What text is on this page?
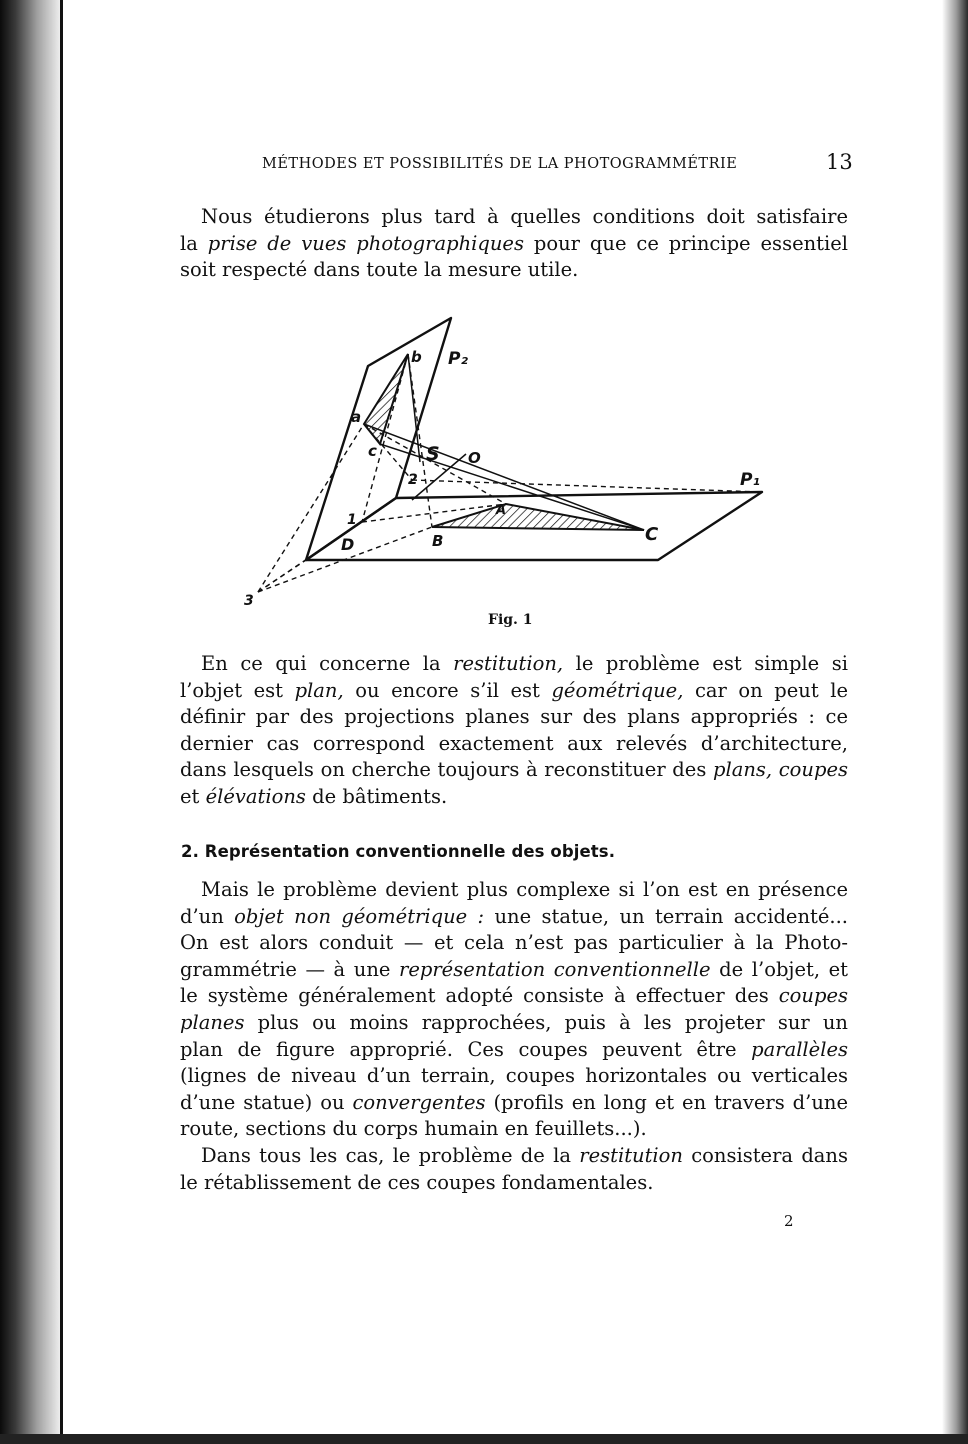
MÉTHODES ET POSSIBILITÉS DE LA PHOTOGRAMMÉTRIE	13
Nous étudierons plus tard à quelles conditions doit satisfaire
la prise de vues photographiques pour que ce principe essentiel
soit respecté dans toute la mesure utile.
b P₂
a
c	S O
2	P₁
1
A
C
D	B
3
Fig. 1
En ce qui concerne la restitution, le problème est simple si
l’objet est plan, ou encore s’il est géométrique, car on peut le
définir par des projections planes sur des plans appropriés : ce
dernier cas correspond exactement aux relevés d’architecture,
dans lesquels on cherche toujours à reconstituer des plans, coupes
et élévations de bâtiments.
2. Représentation conventionnelle des objets.
Mais le problème devient plus complexe si l’on est en présence
d’un objet non géométrique : une statue, un terrain accidenté...
On est alors conduit — et cela n’est pas particulier à la Photo-
grammétrie — à une représentation conventionnelle de l’objet, et
le système généralement adopté consiste à effectuer des coupes
planes plus ou moins rapprochées, puis à les projeter sur un
plan de figure approprié. Ces coupes peuvent être parallèles
(lignes de niveau d’un terrain, coupes horizontales ou verticales
d’une statue) ou convergentes (profils en long et en travers d’une
route, sections du corps humain en feuillets...).
Dans tous les cas, le problème de la restitution consistera dans
le rétablissement de ces coupes fondamentales.
2
